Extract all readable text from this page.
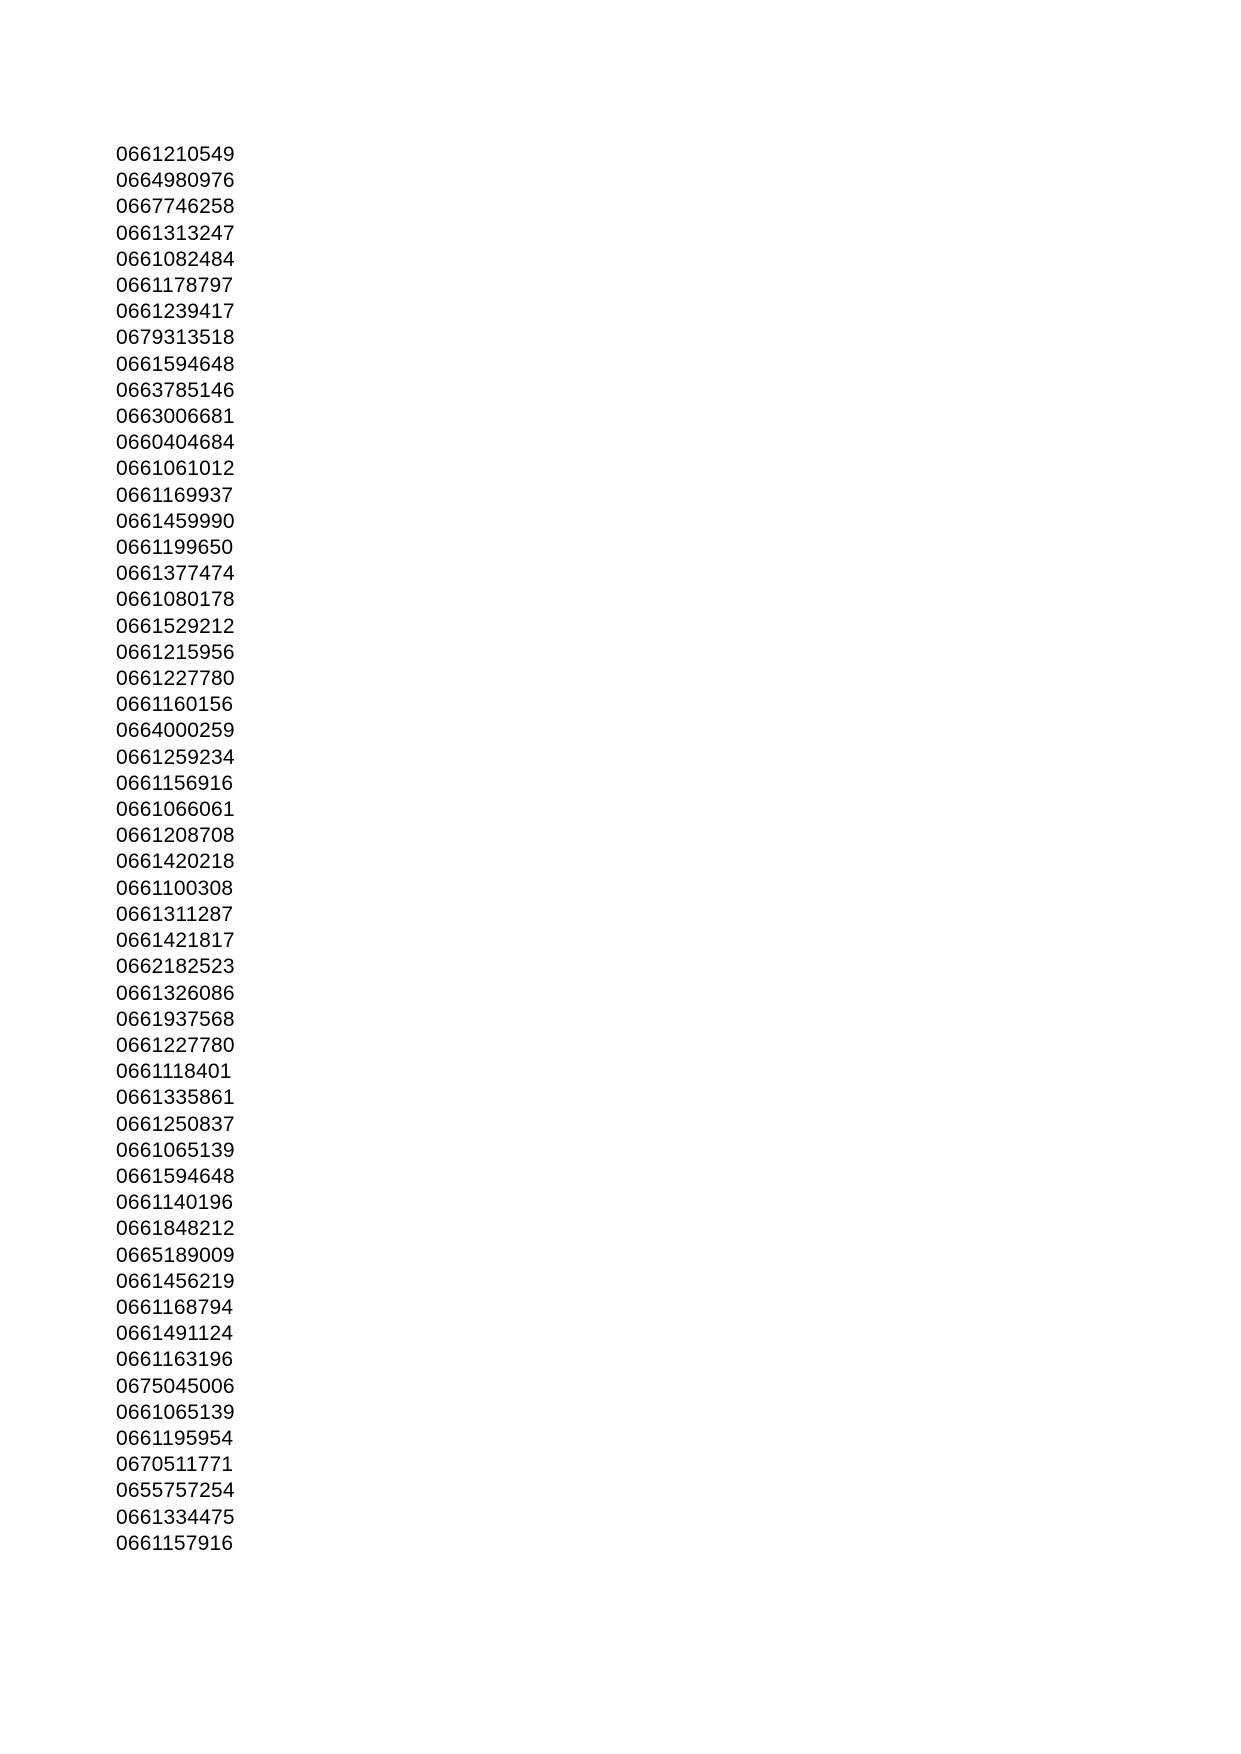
0661210549
0664980976
0667746258
0661313247
0661082484
0661178797
0661239417
0679313518
0661594648
0663785146
0663006681
0660404684
0661061012
0661169937
0661459990
0661199650
0661377474
0661080178
0661529212
0661215956
0661227780
0661160156
0664000259
0661259234
0661156916
0661066061
0661208708
0661420218
0661100308
0661311287
0661421817
0662182523
0661326086
0661937568
0661227780
0661118401
0661335861
0661250837
0661065139
0661594648
0661140196
0661848212
0665189009
0661456219
0661168794
0661491124
0661163196
0675045006
0661065139
0661195954
0670511771
0655757254
0661334475
0661157916
